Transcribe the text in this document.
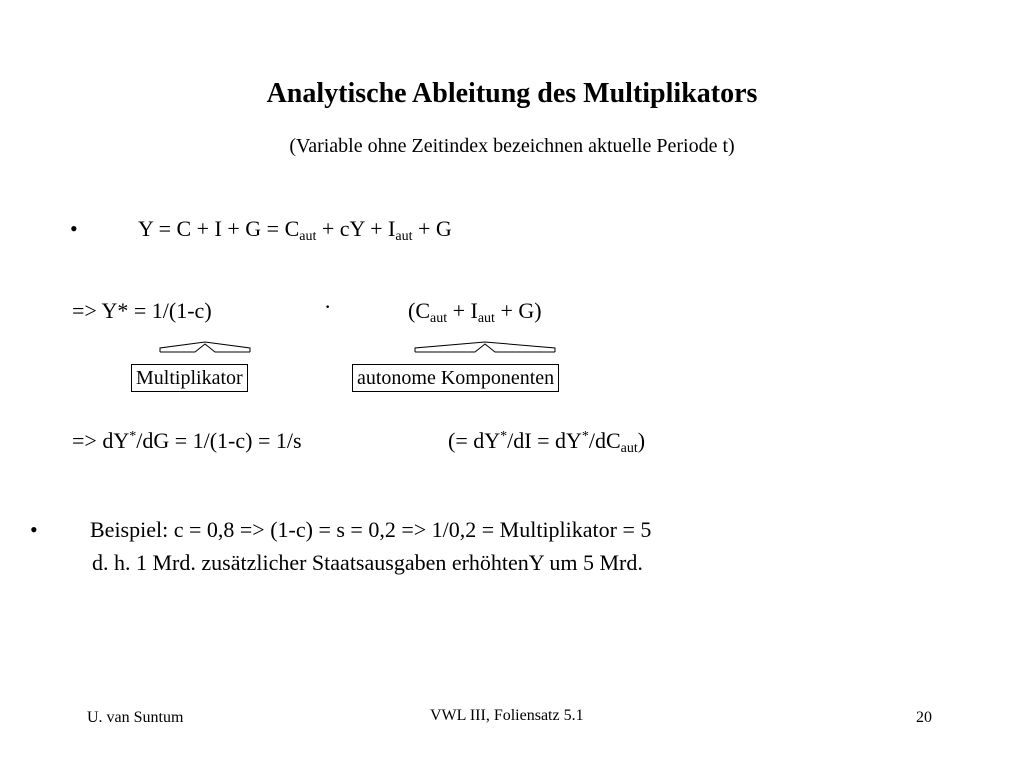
Analytische Ableitung des Multiplikators
(Variable ohne Zeitindex bezeichnen aktuelle Periode t)
•	$Y = C + I + G = C_{aut}$ + cY + $I_{aut} + G$
=> Y* = 1/(1-c)	·	$(C_{aut} + I_{aut} + G)$
Multiplikator	autonome Komponenten
=> dY*/dG = 1/(1-c) = 1/s	(= $dY^*/dI = dY^*/dC_{aut}$)
• Beispiel: c = 0,8 => (1-c) = s = 0,2 => 1/0,2 = Multiplikator = 5
d. h. 1 Mrd. zusätzlicher Staatsausgaben erhöhtenY um 5 Mrd.
U. van Suntum	VWL III, Foliensatz 5.1	20
